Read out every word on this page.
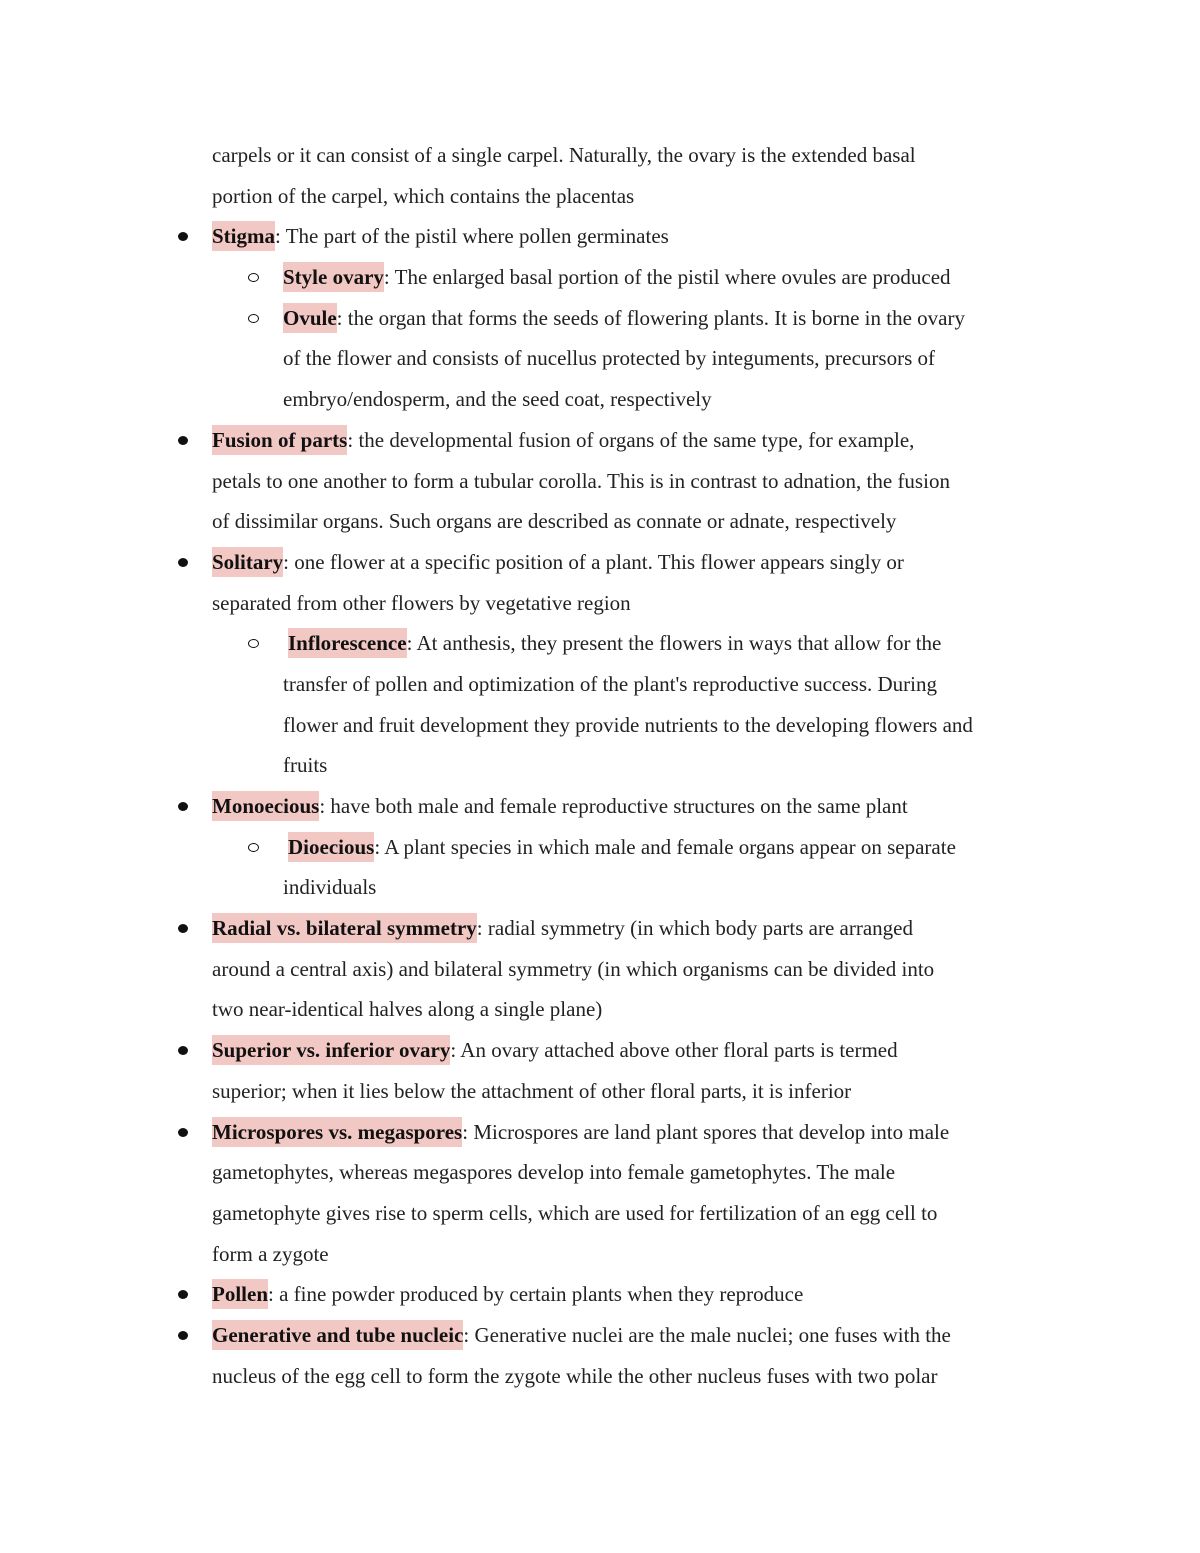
carpels or it can consist of a single carpel. Naturally, the ovary is the extended basal
portion of the carpel, which contains the placentas
Stigma: The part of the pistil where pollen germinates
Style ovary: The enlarged basal portion of the pistil where ovules are produced
Ovule: the organ that forms the seeds of flowering plants. It is borne in the ovary
of the flower and consists of nucellus protected by integuments, precursors of
embryo/endosperm, and the seed coat, respectively
Fusion of parts: the developmental fusion of organs of the same type, for example,
petals to one another to form a tubular corolla. This is in contrast to adnation, the fusion
of dissimilar organs. Such organs are described as connate or adnate, respectively
Solitary: one flower at a specific position of a plant. This flower appears singly or
separated from other flowers by vegetative region
Inflorescence: At anthesis, they present the flowers in ways that allow for the
transfer of pollen and optimization of the plant's reproductive success. During
flower and fruit development they provide nutrients to the developing flowers and
fruits
Monoecious: have both male and female reproductive structures on the same plant
Dioecious: A plant species in which male and female organs appear on separate
individuals
Radial vs. bilateral symmetry: radial symmetry (in which body parts are arranged
around a central axis) and bilateral symmetry (in which organisms can be divided into
two near-identical halves along a single plane)
Superior vs. inferior ovary: An ovary attached above other floral parts is termed
superior; when it lies below the attachment of other floral parts, it is inferior
Microspores vs. megaspores: Microspores are land plant spores that develop into male
gametophytes, whereas megaspores develop into female gametophytes. The male
gametophyte gives rise to sperm cells, which are used for fertilization of an egg cell to
form a zygote
Pollen: a fine powder produced by certain plants when they reproduce
Generative and tube nucleic: Generative nuclei are the male nuclei; one fuses with the
nucleus of the egg cell to form the zygote while the other nucleus fuses with two polar
